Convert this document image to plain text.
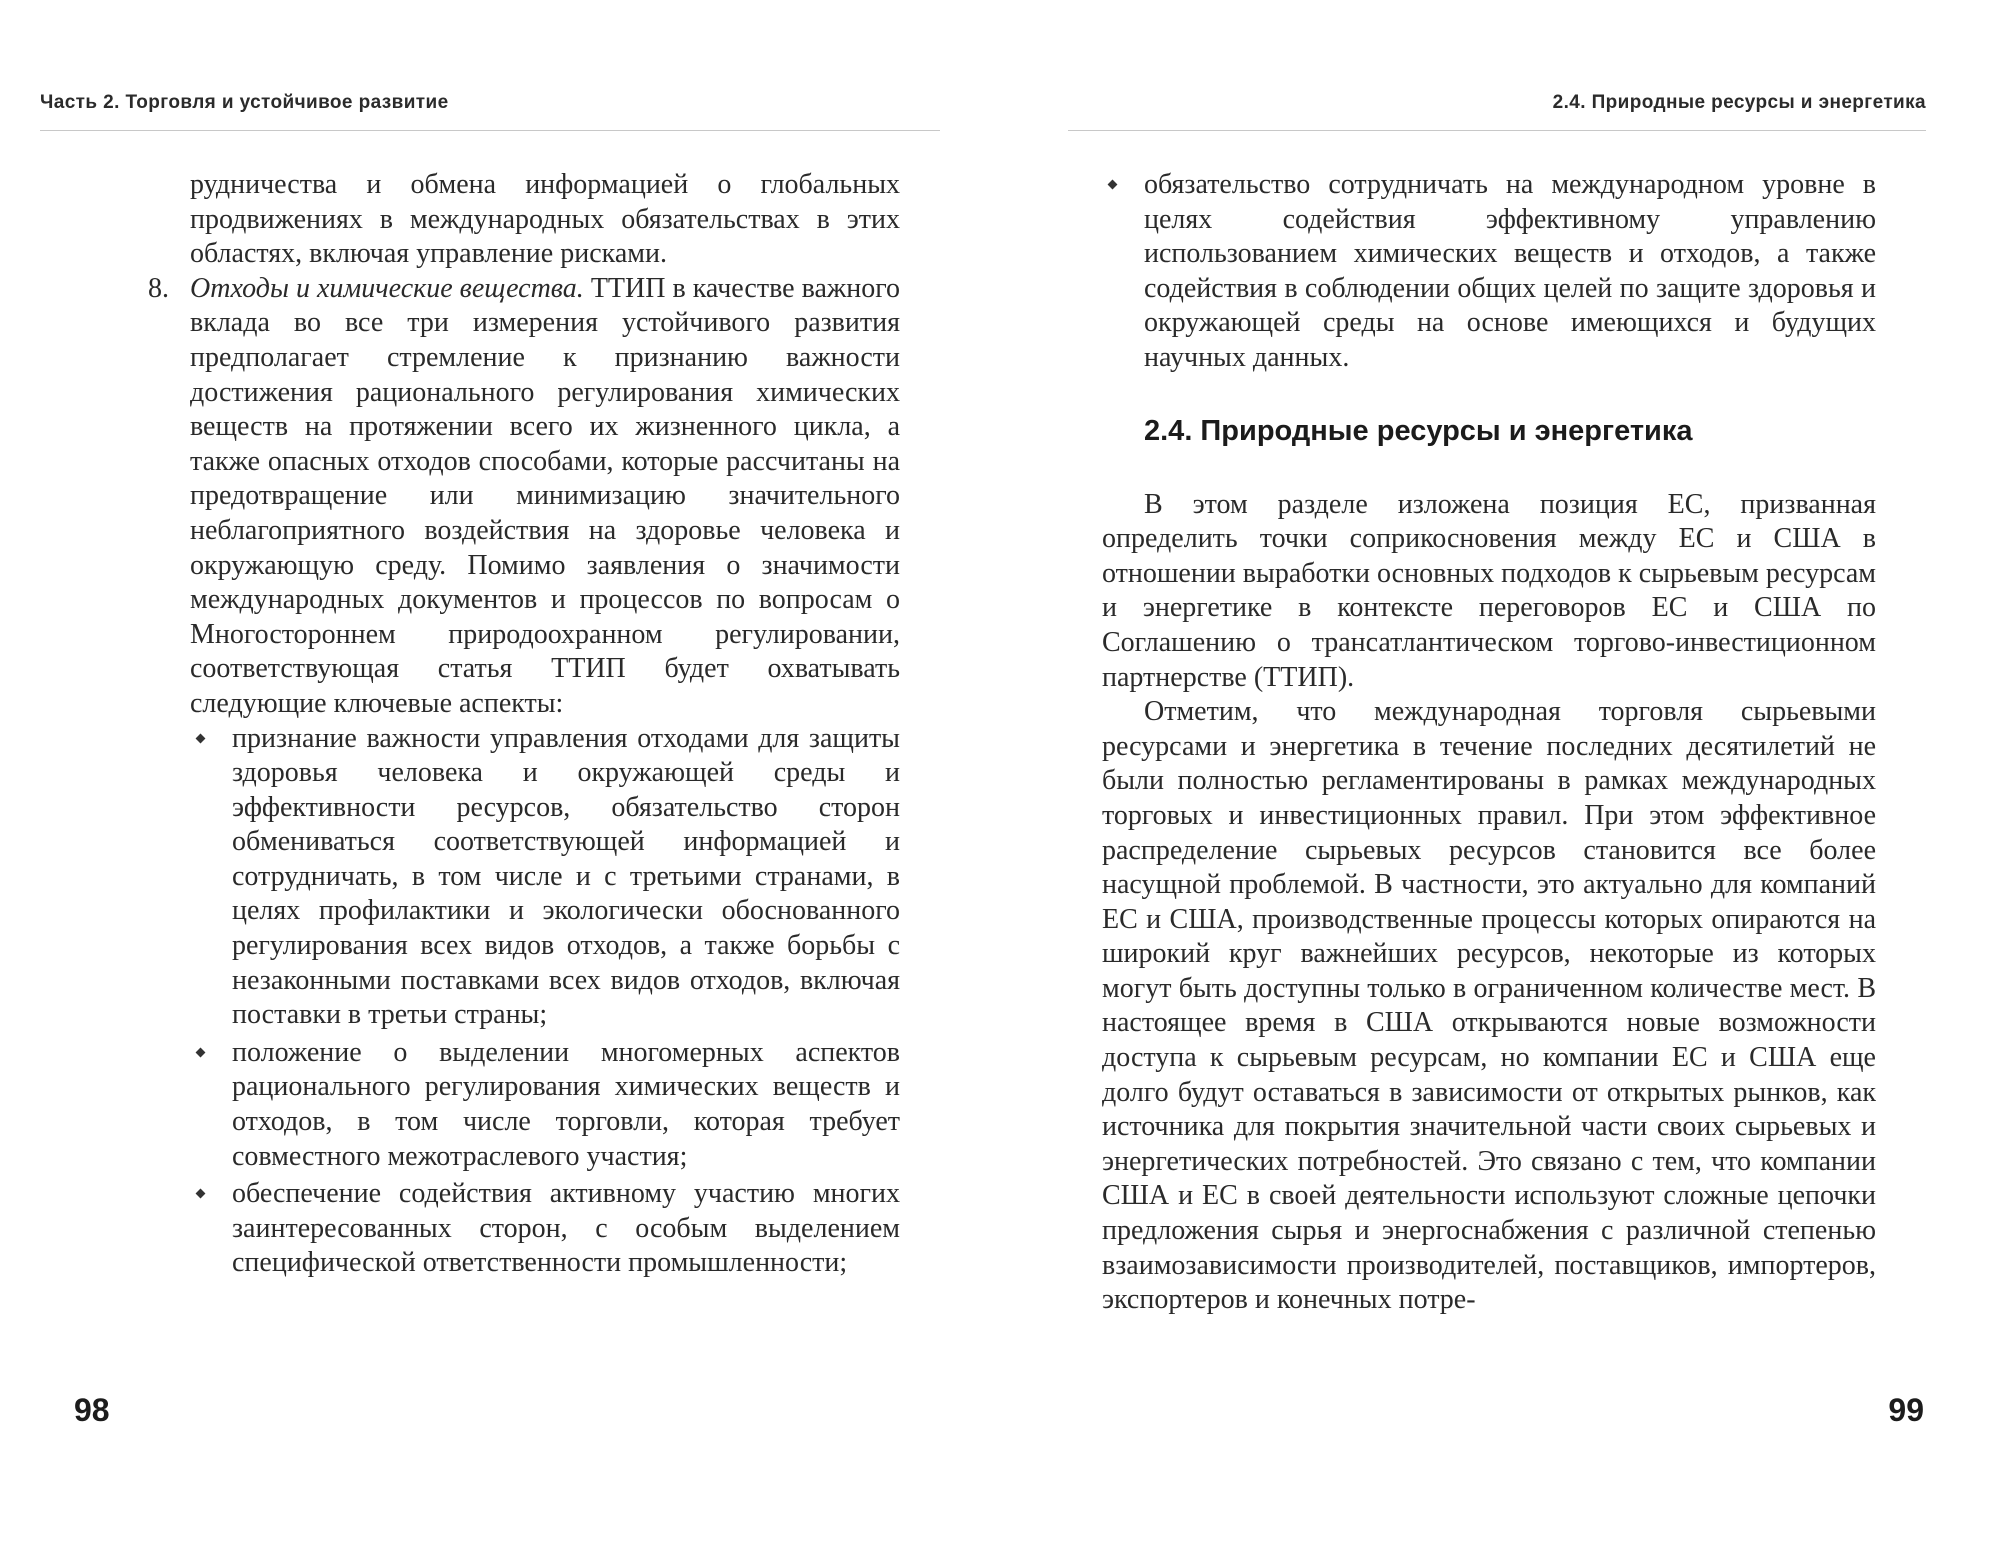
Часть 2. Торговля и устойчивое развитие

рудничества и обмена информацией о глобальных продвижениях в международных обязательствах в этих областях, включая управление рисками.

8. Отходы и химические вещества. ТТИП в качестве важного вклада во все три измерения устойчивого развития предполагает стремление к признанию важности достижения рационального регулирования химических веществ на протяжении всего их жизненного цикла, а также опасных отходов способами, которые рассчитаны на предотвращение или минимизацию значительного неблагоприятного воздействия на здоровье человека и окружающую среду. Помимо заявления о значимости международных документов и процессов по вопросам о Многостороннем природоохранном регулировании, соответствующая статья ТТИП будет охватывать следующие ключевые аспекты:
признание важности управления отходами для защиты здоровья человека и окружающей среды и эффективности ресурсов, обязательство сторон обмениваться соответствующей информацией и сотрудничать, в том числе и с третьими странами, в целях профилактики и экологически обоснованного регулирования всех видов отходов, а также борьбы с незаконными поставками всех видов отходов, включая поставки в третьи страны;
положение о выделении многомерных аспектов рационального регулирования химических веществ и отходов, в том числе торговли, которая требует совместного межотраслевого участия;
обеспечение содействия активному участию многих заинтересованных сторон, с особым выделением специфической ответственности промышленности;
98
2.4. Природные ресурсы и энергетика
обязательство сотрудничать на международном уровне в целях содействия эффективному управлению использованием химических веществ и отходов, а также содействия в соблюдении общих целей по защите здоровья и окружающей среды на основе имеющихся и будущих научных данных.
2.4. Природные ресурсы и энергетика

В этом разделе изложена позиция ЕС, призванная определить точки соприкосновения между ЕС и США в отношении выработки основных подходов к сырьевым ресурсам и энергетике в контексте переговоров ЕС и США по Соглашению о трансатлантическом торгово-инвестиционном партнерстве (ТТИП).

Отметим, что международная торговля сырьевыми ресурсами и энергетика в течение последних десятилетий не были полностью регламентированы в рамках международных торговых и инвестиционных правил. При этом эффективное распределение сырьевых ресурсов становится все более насущной проблемой. В частности, это актуально для компаний ЕС и США, производственные процессы которых опираются на широкий круг важнейших ресурсов, некоторые из которых могут быть доступны только в ограниченном количестве мест. В настоящее время в США открываются новые возможности доступа к сырьевым ресурсам, но компании ЕС и США еще долго будут оставаться в зависимости от открытых рынков, как источника для покрытия значительной части своих сырьевых и энергетических потребностей. Это связано с тем, что компании США и ЕС в своей деятельности используют сложные цепочки предложения сырья и энергоснабжения с различной степенью взаимозависимости производителей, поставщиков, импортеров, экспортеров и конечных потре-

99
